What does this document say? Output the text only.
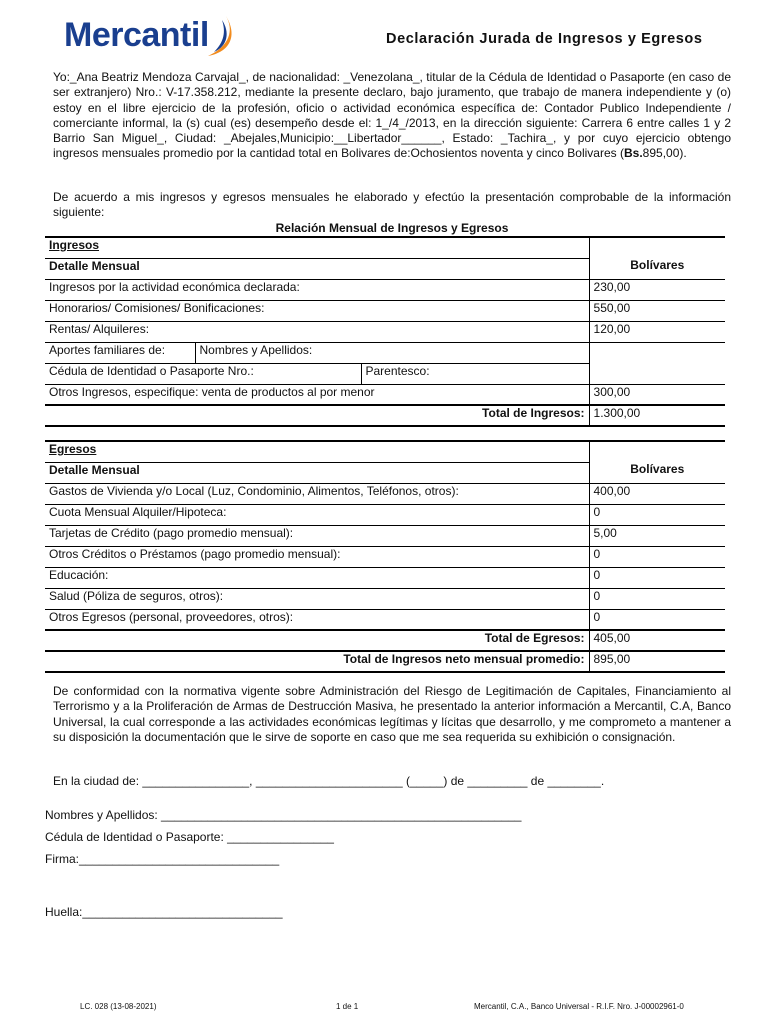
Mercantil	Declaración Jurada de Ingresos y Egresos
Yo:_Ana Beatriz Mendoza Carvajal_, de nacionalidad: _Venezolana_, titular de la Cédula de Identidad o Pasaporte (en caso de ser extranjero) Nro.: V-17.358.212, mediante la presente declaro, bajo juramento, que trabajo de manera independiente y (o) estoy en el libre ejercicio de la profesión, oficio o actividad económica específica de: Contador Publico Independiente / comerciante informal, la (s) cual (es) desempeño desde el: 1_/4_/2013, en la dirección siguiente: Carrera 6 entre calles 1 y 2 Barrio San Miguel_, Ciudad: _Abejales,Municipio:__Libertador______, Estado: _Tachira_, y por cuyo ejercicio obtengo ingresos mensuales promedio por la cantidad total en Bolivares de:Ochosientos noventa y cinco Bolivares (Bs.895,00).
De acuerdo a mis ingresos y egresos mensuales he elaborado y efectúo la presentación comprobable de la información siguiente:
Relación Mensual de Ingresos y Egresos
Ingresos			
Detalle Mensual			Bolívares
Ingresos por la actividad económica declarada:			230,00
Honorarios/ Comisiones/ Bonificaciones:			550,00
Rentas/ Alquileres:			120,00
Aportes familiares de:	Nombres y Apellidos:		
Cédula de Identidad o Pasaporte Nro.:		Parentesco:	
Otros Ingresos, especifique: venta de productos al por menor			300,00
Total de Ingresos:			1.300,00
Egresos	
Detalle Mensual	Bolívares
Gastos de Vivienda y/o Local (Luz, Condominio, Alimentos, Teléfonos, otros):	400,00
Cuota Mensual Alquiler/Hipoteca:	0
Tarjetas de Crédito (pago promedio mensual):	5,00
Otros Créditos o Préstamos (pago promedio mensual):	0
Educación:	0
Salud (Póliza de seguros, otros):	0
Otros Egresos (personal, proveedores, otros):	0
Total de Egresos:	405,00
Total de Ingresos neto mensual promedio:	895,00
De conformidad con la normativa vigente sobre Administración del Riesgo de Legitimación de Capitales, Financiamiento al Terrorismo y a la Proliferación de Armas de Destrucción Masiva, he presentado la anterior información a Mercantil, C.A, Banco Universal, la cual corresponde a las actividades económicas legítimas y lícitas que desarrollo, y me comprometo a mantener a su disposición la documentación que le sirve de soporte en caso que me sea requerida su exhibición o consignación.
En la ciudad de: ________________, ______________________ (_____) de _________ de ________.
Nombres y Apellidos: ______________________________________________________
Cédula de Identidad o Pasaporte: ________________
Firma:______________________________
Huella:______________________________
LC. 028 (13-08-2021)	1 de 1	Mercantil, C.A., Banco Universal - R.I.F. Nro. J-00002961-0
